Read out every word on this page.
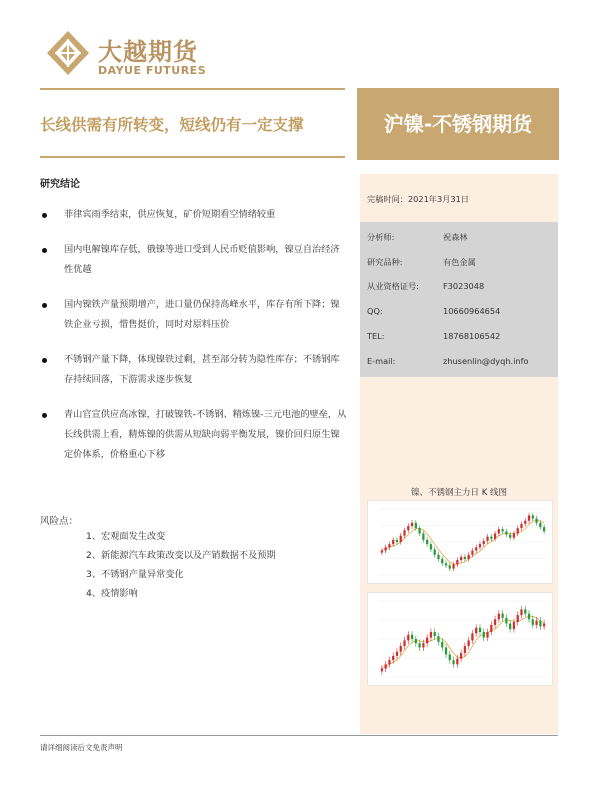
大越期货
DAYUE FUTURES
长线供需有所转变，短线仍有一定支撑	沪镍-不锈钢期货
研究结论
菲律宾雨季结束，供应恢复，矿价短期看空情绪较重
国内电解镍库存低，俄镍等进口受到人民币贬值影响，镍豆自治经济性优越
国内镍铁产量预期增产，进口量仍保持高峰水平，库存有所下降；镍铁企业亏损，惜售挺价，同时对原料压价
不锈钢产量下降，体现镍铁过剩，甚至部分转为隐性库存；不锈钢库存持续回落，下游需求逐步恢复
青山官宣供应高冰镍，打破镍铁-不锈钢、精炼镍-三元电池的壁垒，从长线供需上看，精炼镍的供需从短缺向弱平衡发展，镍价回归原生镍定价体系，价格重心下移
风险点：
1、宏观面发生改变
2、新能源汽车政策改变以及产销数据不及预期
3、不锈钢产量异常变化
4、疫情影响
完稿时间：2021年3月31日
分析师:	祝森林
研究品种:	有色金属
从业资格证号:	F3023048
QQ:	10660964654
TEL:	18768106542
E-mail:	zhusenlin@dyqh.info
镍、不锈钢主力日 K 线图
请详细阅读后文免责声明
